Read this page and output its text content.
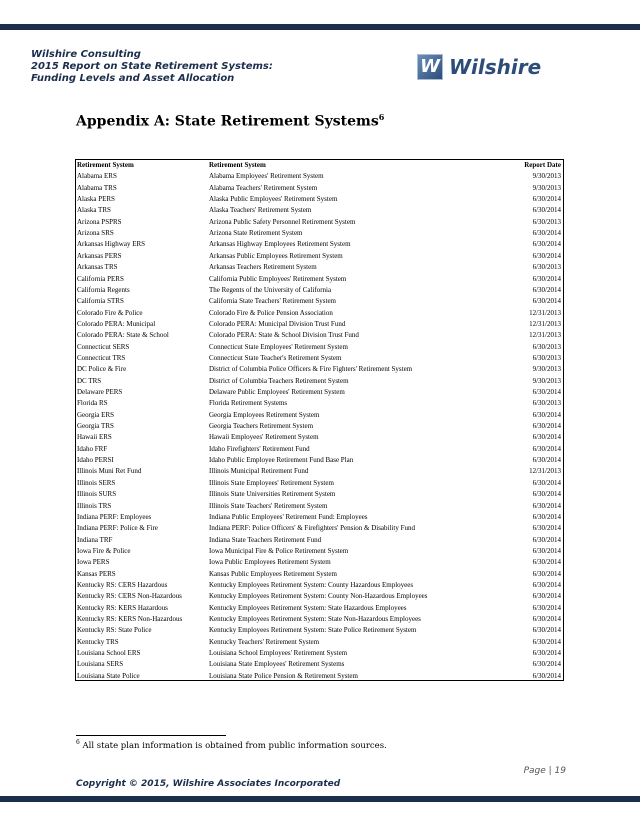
Wilshire Consulting
2015 Report on State Retirement Systems:
Funding Levels and Asset Allocation
W Wilshire
Appendix A: State Retirement Systems$^6$
Retirement System	Retirement System	Report Date
Alabama ERS	Alabama Employees' Retirement System	9/30/2013
Alabama TRS	Alabama Teachers' Retirement System	9/30/2013
Alaska PERS	Alaska Public Employees' Retirement System	6/30/2014
Alaska TRS	Alaska Teachers' Retirement System	6/30/2014
Arizona PSPRS	Arizona Public Safety Personnel Retirement System	6/30/2013
Arizona SRS	Arizona State Retirement System	6/30/2014
Arkansas Highway ERS	Arkansas Highway Employees Retirement System	6/30/2014
Arkansas PERS	Arkansas Public Employees Retirement System	6/30/2014
Arkansas TRS	Arkansas Teachers Retirement System	6/30/2013
California PERS	California Public Employees' Retirement System	6/30/2014
California Regents	The Regents of the University of California	6/30/2014
California STRS	California State Teachers' Retirement System	6/30/2014
Colorado Fire & Police	Colorado Fire & Police Pension Association	12/31/2013
Colorado PERA: Municipal	Colorado PERA: Municipal Division Trust Fund	12/31/2013
Colorado PERA: State & School	Colorado PERA: State & School Division Trust Fund	12/31/2013
Connecticut SERS	Connecticut State Employees' Retirement System	6/30/2013
Connecticut TRS	Connecticut State Teacher's Retirement System	6/30/2013
DC Police & Fire	District of Columbia Police Officers & Fire Fighters' Retirement System	9/30/2013
DC TRS	District of Columbia Teachers Retirement System	9/30/2013
Delaware PERS	Delaware Public Employees' Retirement System	6/30/2014
Florida RS	Florida Retirement Systems	6/30/2013
Georgia ERS	Georgia Employees Retirement System	6/30/2014
Georgia TRS	Georgia Teachers Retirement System	6/30/2014
Hawaii ERS	Hawaii Employees' Retirement System	6/30/2014
Idaho FRF	Idaho Firefighters' Retirement Fund	6/30/2014
Idaho PERSI	Idaho Public Employee Retirement Fund Base Plan	6/30/2014
Illinois Muni Ret Fund	Illinois Municipal Retirement Fund	12/31/2013
Illinois SERS	Illinois State Employees' Retirement System	6/30/2014
Illinois SURS	Illinois State Universities Retirement System	6/30/2014
Illinois TRS	Illinois State Teachers' Retirement System	6/30/2014
Indiana PERF: Employees	Indiana Public Employees' Retirement Fund: Employees	6/30/2014
Indiana PERF: Police & Fire	Indiana PERF: Police Officers' & Firefighters' Pension & Disability Fund	6/30/2014
Indiana TRF	Indiana State Teachers Retirement Fund	6/30/2014
Iowa Fire & Police	Iowa Municipal Fire & Police Retirement System	6/30/2014
Iowa PERS	Iowa Public Employees Retirement System	6/30/2014
Kansas PERS	Kansas Public Employees Retirement System	6/30/2014
Kentucky RS: CERS Hazardous	Kentucky Employees Retirement System: County Hazardous Employees	6/30/2014
Kentucky RS: CERS Non-Hazardous	Kentucky Employees Retirement System: County Non-Hazardous Employees	6/30/2014
Kentucky RS: KERS Hazardous	Kentucky Employees Retirement System: State Hazardous Employees	6/30/2014
Kentucky RS: KERS Non-Hazardous	Kentucky Employees Retirement System: State Non-Hazardous Employees	6/30/2014
Kentucky RS: State Police	Kentucky Employees Retirement System: State Police Retirement System	6/30/2014
Kentucky TRS	Kentucky Teachers' Retirement System	6/30/2014
Louisiana School ERS	Louisiana School Employees' Retirement System	6/30/2014
Louisiana SERS	Louisiana State Employees' Retirement Systems	6/30/2014
Louisiana State Police	Louisiana State Police Pension & Retirement System	6/30/2014
$^6$ All state plan information is obtained from public information sources.
Page | 19
Copyright © 2015, Wilshire Associates Incorporated
